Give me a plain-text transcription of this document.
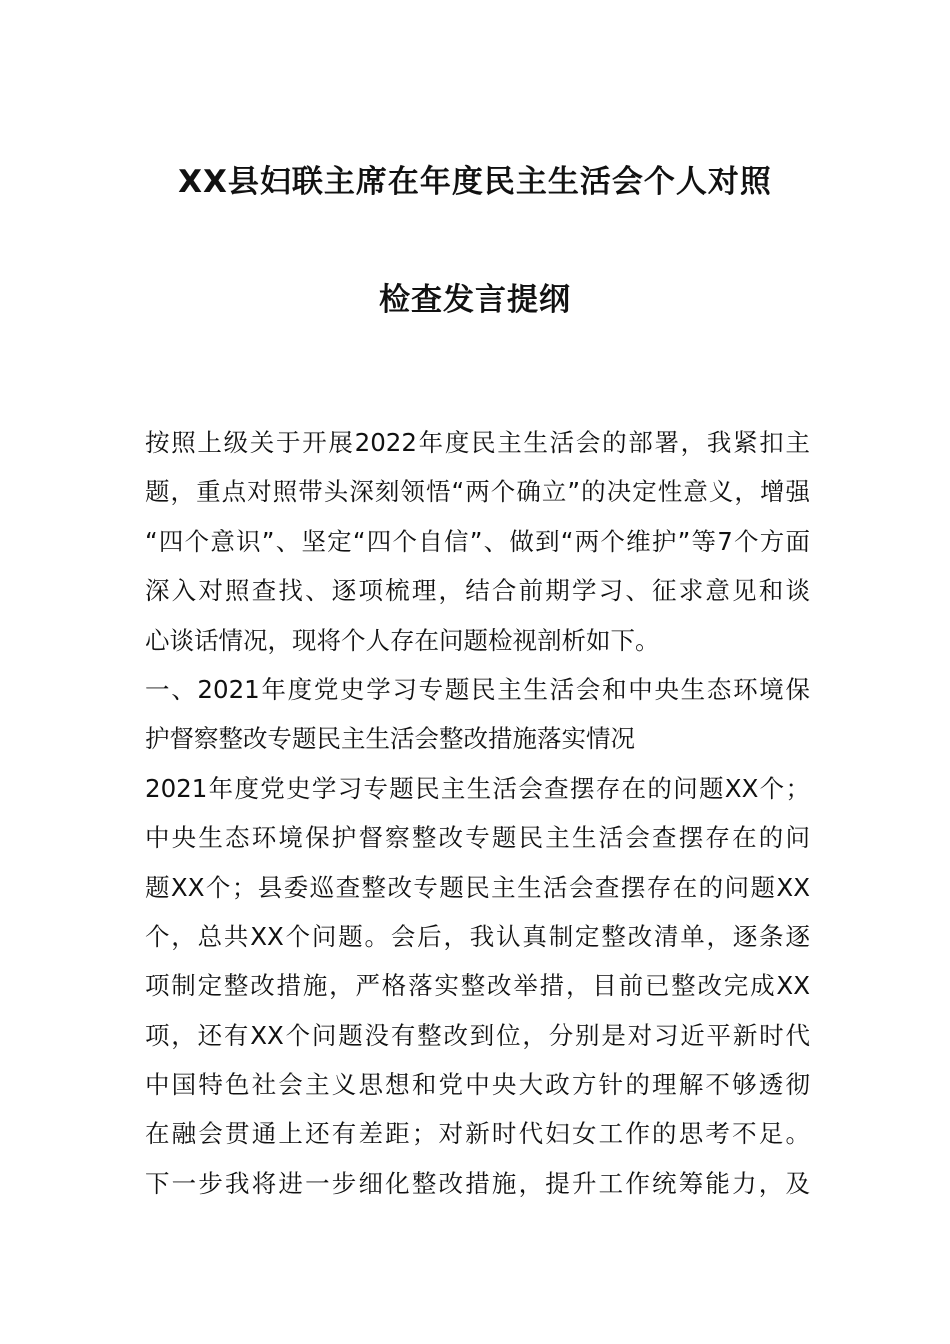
XX县妇联主席在年度民主生活会个人对照
检查发言提纲
按照上级关于开展2022年度民主生活会的部署，我紧扣主
题，重点对照带头深刻领悟“两个确立”的决定性意义，增强
“四个意识”、坚定“四个自信”、做到“两个维护”等7个方面
深入对照查找、逐项梳理，结合前期学习、征求意见和谈
心谈话情况，现将个人存在问题检视剖析如下。
一、2021年度党史学习专题民主生活会和中央生态环境保
护督察整改专题民主生活会整改措施落实情况
2021年度党史学习专题民主生活会查摆存在的问题XX个；
中央生态环境保护督察整改专题民主生活会查摆存在的问
题XX个；县委巡查整改专题民主生活会查摆存在的问题XX
个，总共XX个问题。会后，我认真制定整改清单，逐条逐
项制定整改措施，严格落实整改举措，目前已整改完成XX
项，还有XX个问题没有整改到位，分别是对习近平新时代
中国特色社会主义思想和党中央大政方针的理解不够透彻
在融会贯通上还有差距；对新时代妇女工作的思考不足。
下一步我将进一步细化整改措施，提升工作统筹能力，及
